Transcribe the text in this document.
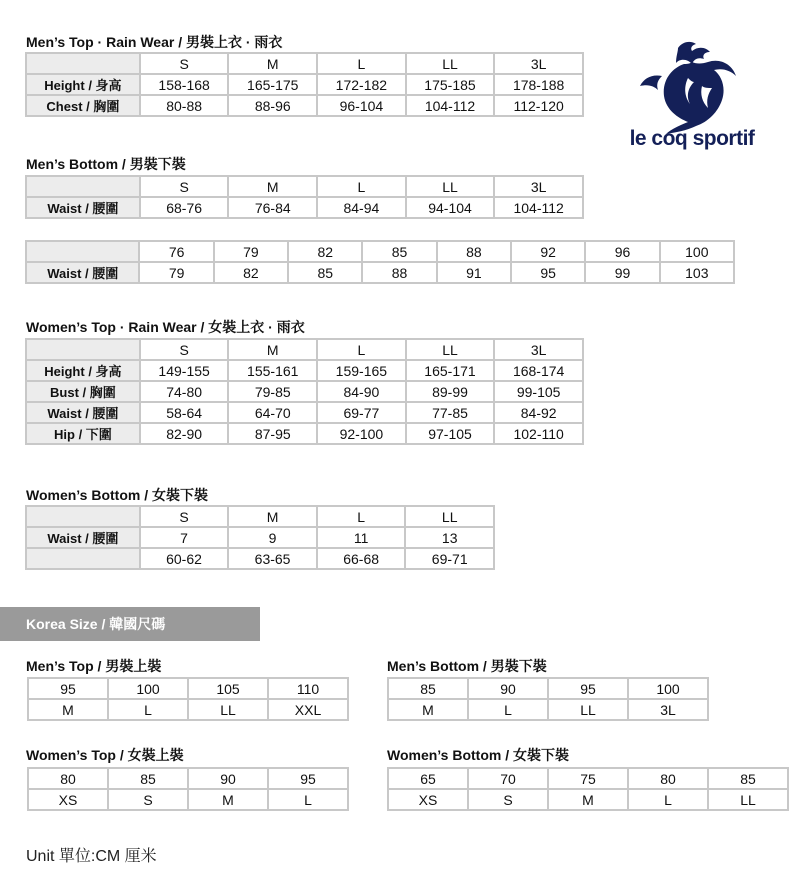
Men’s Top · Rain Wear / 男裝上衣 · 雨衣
	S	M	L	LL	3L
Height / 身高	158-168	165-175	172-182	175-185	178-188
Chest / 胸圍	80-88	88-96	96-104	104-112	112-120
le coq sportif
Men’s Bottom / 男裝下裝
	S	M	L	LL	3L
Waist / 腰圍	68-76	76-84	84-94	94-104	104-112
	76	79	82	85	88	92	96	100
Waist / 腰圍	79	82	85	88	91	95	99	103
Women’s Top · Rain Wear / 女裝上衣 · 雨衣
	S	M	L	LL	3L
Height / 身高	149-155	155-161	159-165	165-171	168-174
Bust / 胸圍	74-80	79-85	84-90	89-99	99-105
Waist / 腰圍	58-64	64-70	69-77	77-85	84-92
Hip / 下圍	82-90	87-95	92-100	97-105	102-110
Women’s Bottom / 女裝下裝
	S	M	L	LL
Waist / 腰圍	7	9	11	13
	60-62	63-65	66-68	69-71
Korea Size / 韓國尺碼
Men’s Top / 男裝上裝
95	100	105	110
M	L	LL	XXL
Men’s Bottom / 男裝下裝
85	90	95	100
M	L	LL	3L
Women’s Top / 女裝上裝
80	85	90	95
XS	S	M	L
Women’s Bottom / 女裝下裝
65	70	75	80	85
XS	S	M	L	LL
Unit 單位:CM 厘米
